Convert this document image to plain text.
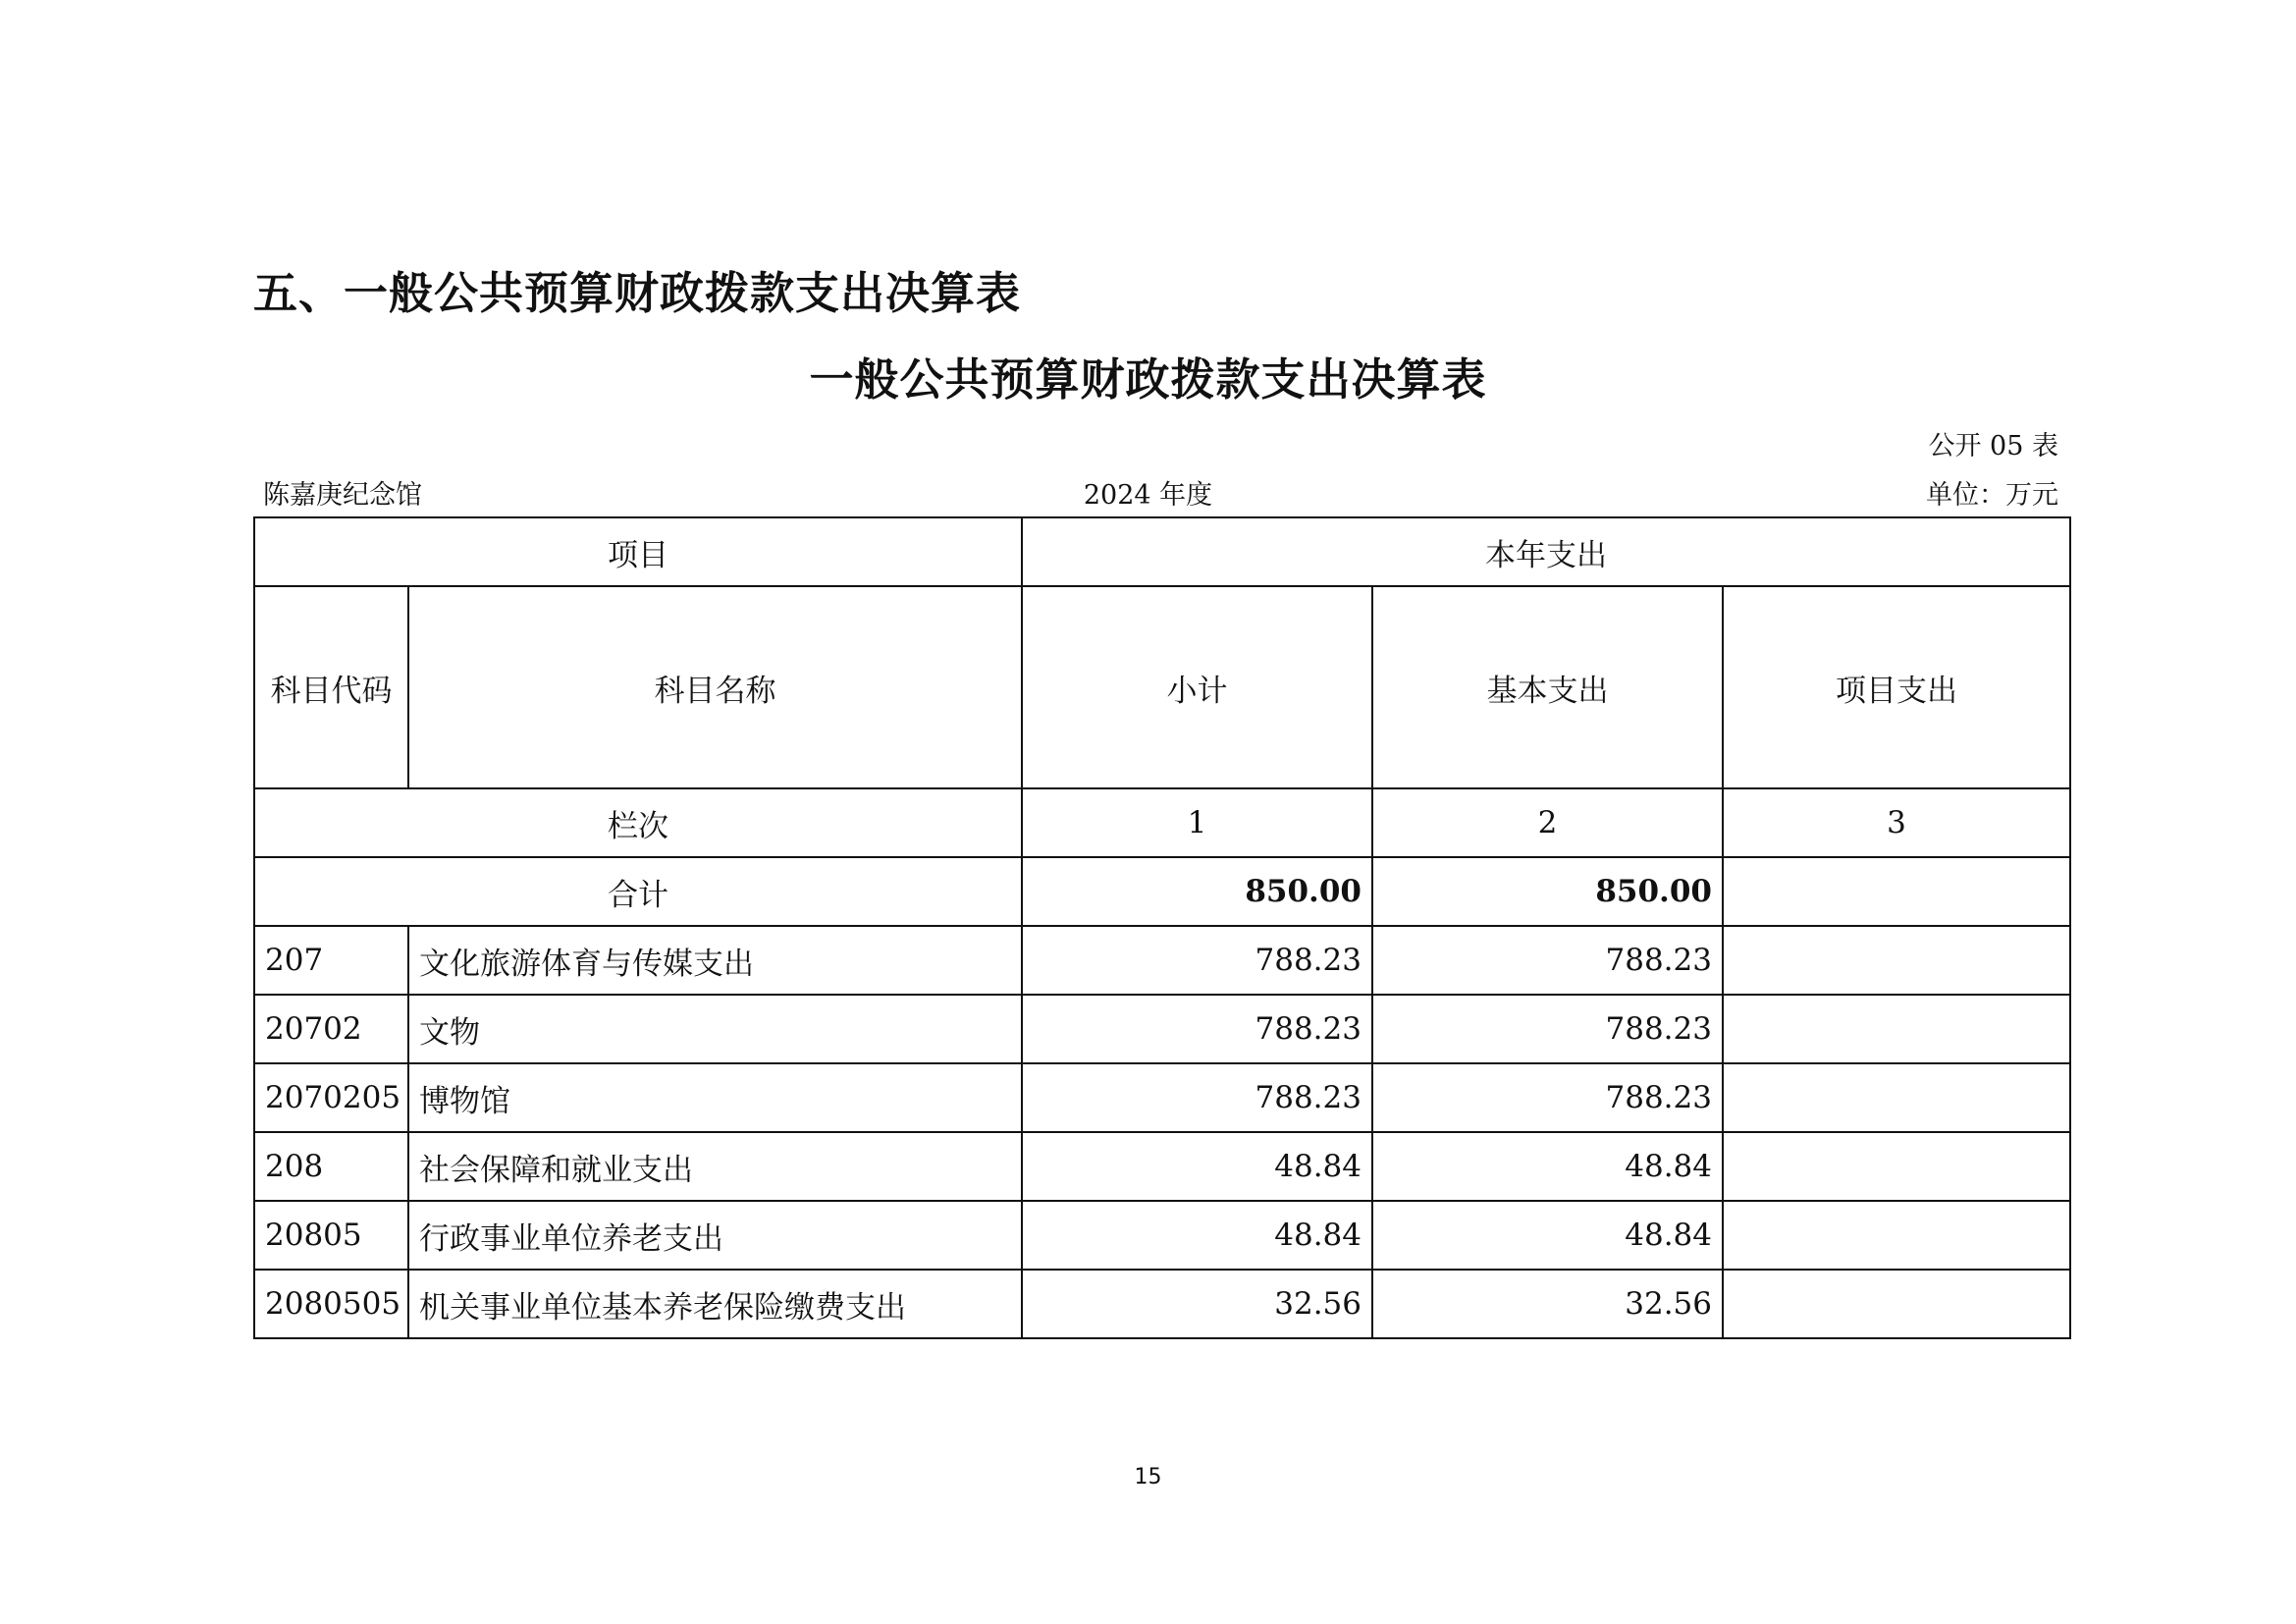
五、一般公共预算财政拨款支出决算表
一般公共预算财政拨款支出决算表
公开 05 表
陈嘉庚纪念馆	2024 年度	单位：万元
项目		本年支出		
科目代码	科目名称	小计	基本支出	项目支出
栏次		1	2	3
合计		850.00	850.00	
207	文化旅游体育与传媒支出	788.23	788.23	
20702	文物	788.23	788.23	
2070205	博物馆	788.23	788.23	
208	社会保障和就业支出	48.84	48.84	
20805	行政事业单位养老支出	48.84	48.84	
2080505	机关事业单位基本养老保险缴费支出	32.56	32.56	
15
